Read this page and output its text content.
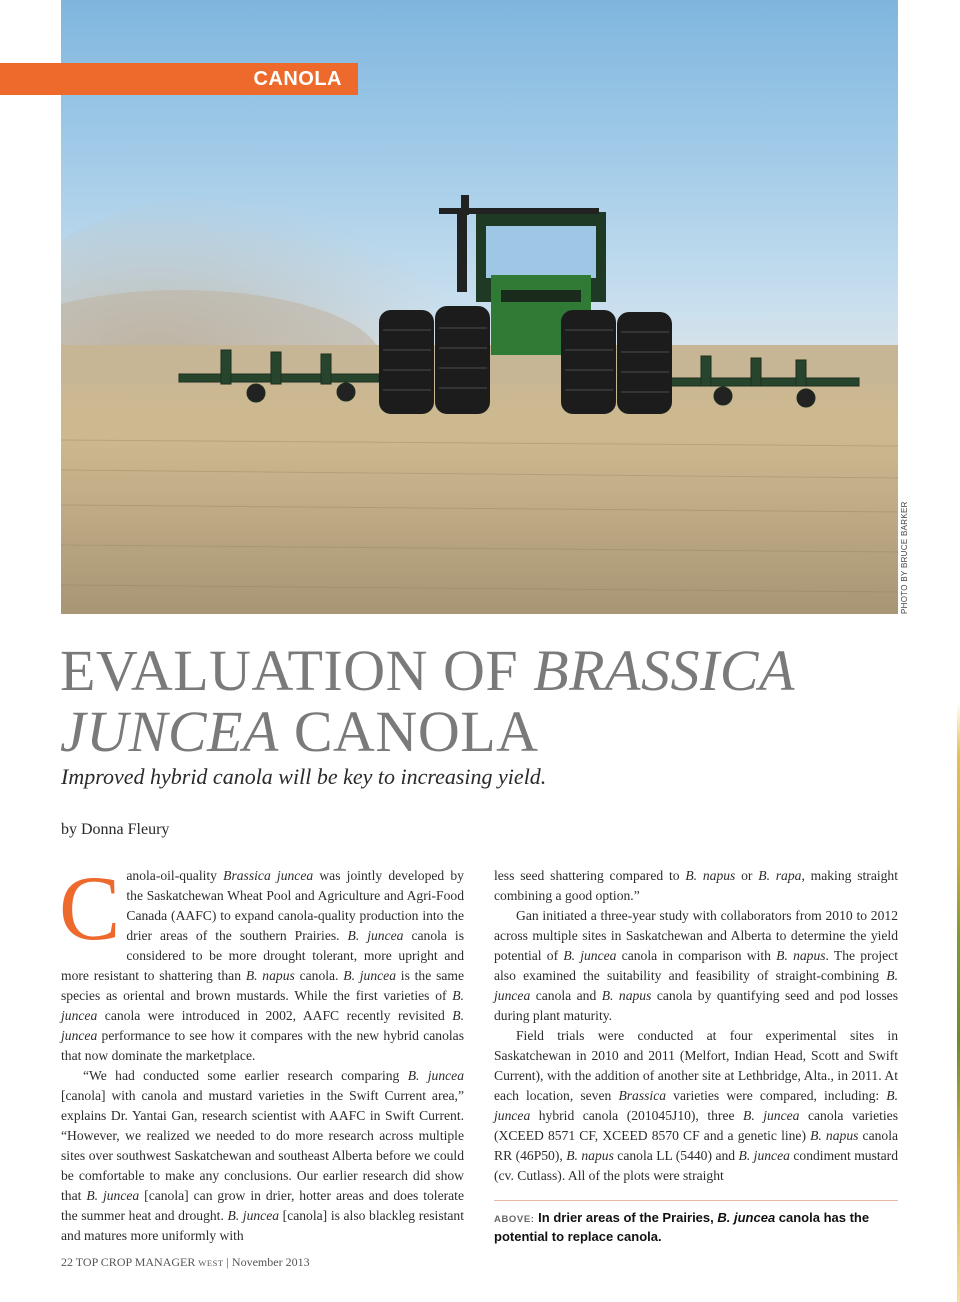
PHOTO BY BRUCE BARKER
CANOLA
EVALUATION OF BRASSICA
JUNCEA CANOLA
Improved hybrid canola will be key to increasing yield.
by Donna Fleury

Canola-oil-quality Brassica juncea was jointly developed by the Saskatchewan Wheat Pool and Agriculture and Agri-Food Canada (AAFC) to expand canola-quality production into the drier areas of the southern Prairies. B. juncea canola is considered to be more drought tolerant, more upright and more resistant to shattering than B. napus canola. B. juncea is the same species as oriental and brown mustards. While the first varieties of B. juncea canola were introduced in 2002, AAFC recently revisited B. juncea performance to see how it compares with the new hybrid canolas that now dominate the marketplace.

“We had conducted some earlier research comparing B. juncea [canola] with canola and mustard varieties in the Swift Current area,” explains Dr. Yantai Gan, research scientist with AAFC in Swift Current. “However, we realized we needed to do more research across multiple sites over southwest Saskatchewan and southeast Alberta before we could be comfortable to make any conclusions. Our earlier research did show that B. juncea [canola] can grow in drier, hotter areas and does tolerate the summer heat and drought. B. juncea [canola] is also blackleg resistant and matures more uniformly with

less seed shattering compared to B. napus or B. rapa, making straight combining a good option.”

Gan initiated a three-year study with collaborators from 2010 to 2012 across multiple sites in Saskatchewan and Alberta to determine the yield potential of B. juncea canola in comparison with B. napus. The project also examined the suitability and feasibility of straight-combining B. juncea canola and B. napus canola by quantifying seed and pod losses during plant maturity.

Field trials were conducted at four experimental sites in Saskatchewan in 2010 and 2011 (Melfort, Indian Head, Scott and Swift Current), with the addition of another site at Lethbridge, Alta., in 2011. At each location, seven Brassica varieties were compared, including: B. juncea hybrid canola (201045J10), three B. juncea canola varieties (XCEED 8571 CF, XCEED 8570 CF and a genetic line) B. napus canola RR (46P50), B. napus canola LL (5440) and B. juncea condiment mustard (cv. Cutlass). All of the plots were straight

ABOVE: In drier areas of the Prairies, B. juncea canola has the potential to replace canola.
22 TOP CROP MANAGER WEST | November 2013
